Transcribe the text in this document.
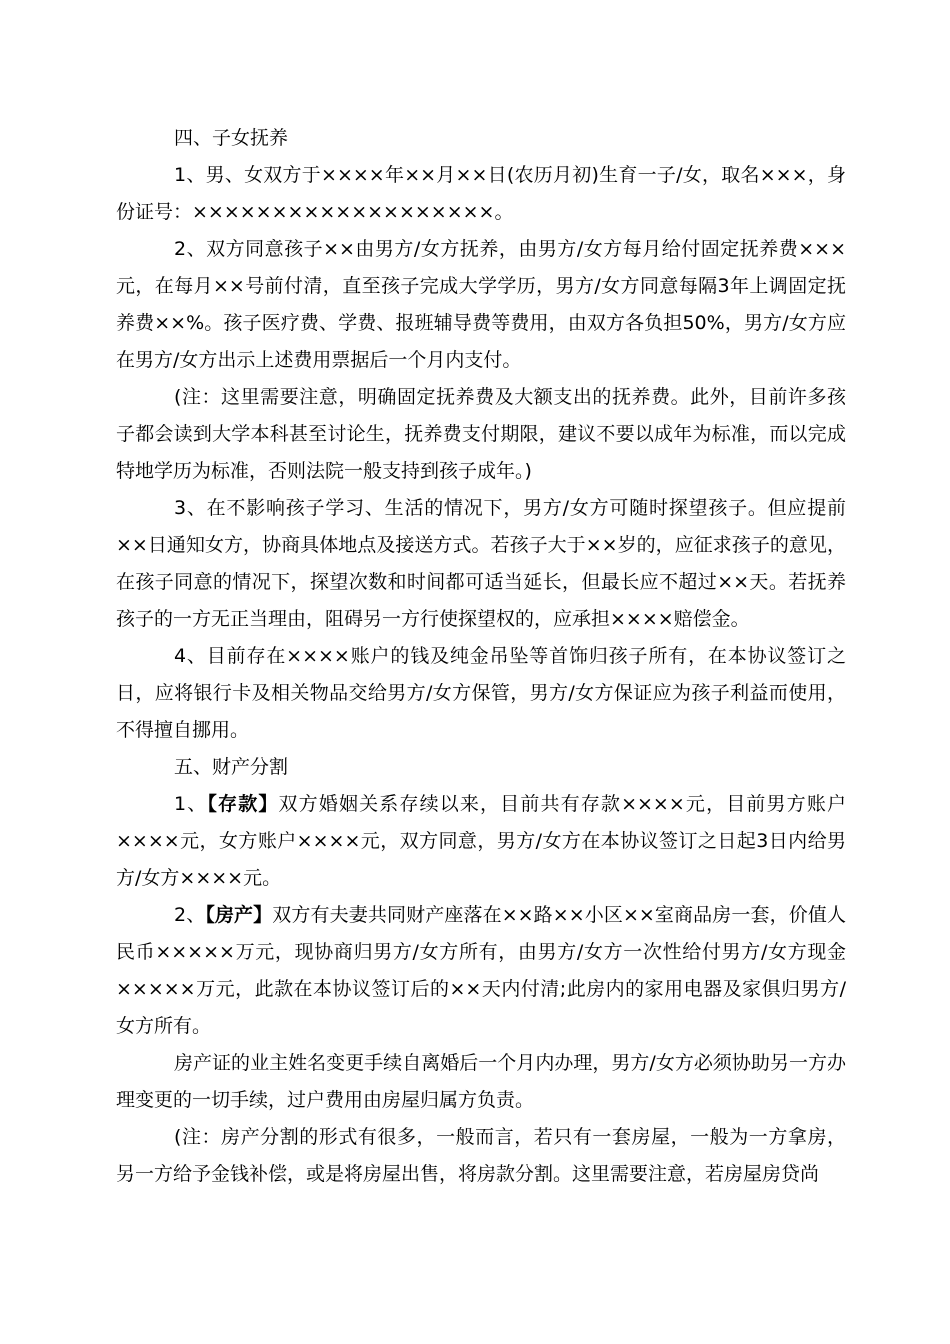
四、子女抚养

1、男、女双方于××××年××月××日(农历月初)生育一子/女，取名×××，身份证号：×××××××××××××××××××。

2、双方同意孩子××由男方/女方抚养，由男方/女方每月给付固定抚养费×××元，在每月××号前付清，直至孩子完成大学学历，男方/女方同意每隔3年上调固定抚养费××%。孩子医疗费、学费、报班辅导费等费用，由双方各负担50%，男方/女方应在男方/女方出示上述费用票据后一个月内支付。

(注：这里需要注意，明确固定抚养费及大额支出的抚养费。此外，目前许多孩子都会读到大学本科甚至讨论生，抚养费支付期限，建议不要以成年为标准，而以完成特地学历为标准，否则法院一般支持到孩子成年。)

3、在不影响孩子学习、生活的情况下，男方/女方可随时探望孩子。但应提前××日通知女方，协商具体地点及接送方式。若孩子大于××岁的，应征求孩子的意见，在孩子同意的情况下，探望次数和时间都可适当延长，但最长应不超过××天。若抚养孩子的一方无正当理由，阻碍另一方行使探望权的，应承担××××赔偿金。

4、目前存在××××账户的钱及纯金吊坠等首饰归孩子所有，在本协议签订之日，应将银行卡及相关物品交给男方/女方保管，男方/女方保证应为孩子利益而使用，不得擅自挪用。

五、财产分割

1、【存款】双方婚姻关系存续以来，目前共有存款××××元，目前男方账户××××元，女方账户××××元，双方同意，男方/女方在本协议签订之日起3日内给男方/女方××××元。

2、【房产】双方有夫妻共同财产座落在××路××小区××室商品房一套，价值人民币×××××万元，现协商归男方/女方所有，由男方/女方一次性给付男方/女方现金×××××万元，此款在本协议签订后的××天内付清;此房内的家用电器及家俱归男方/女方所有。

房产证的业主姓名变更手续自离婚后一个月内办理，男方/女方必须协助另一方办理变更的一切手续，过户费用由房屋归属方负责。

(注：房产分割的形式有很多，一般而言，若只有一套房屋，一般为一方拿房，另一方给予金钱补偿，或是将房屋出售，将房款分割。这里需要注意，若房屋房贷尚
